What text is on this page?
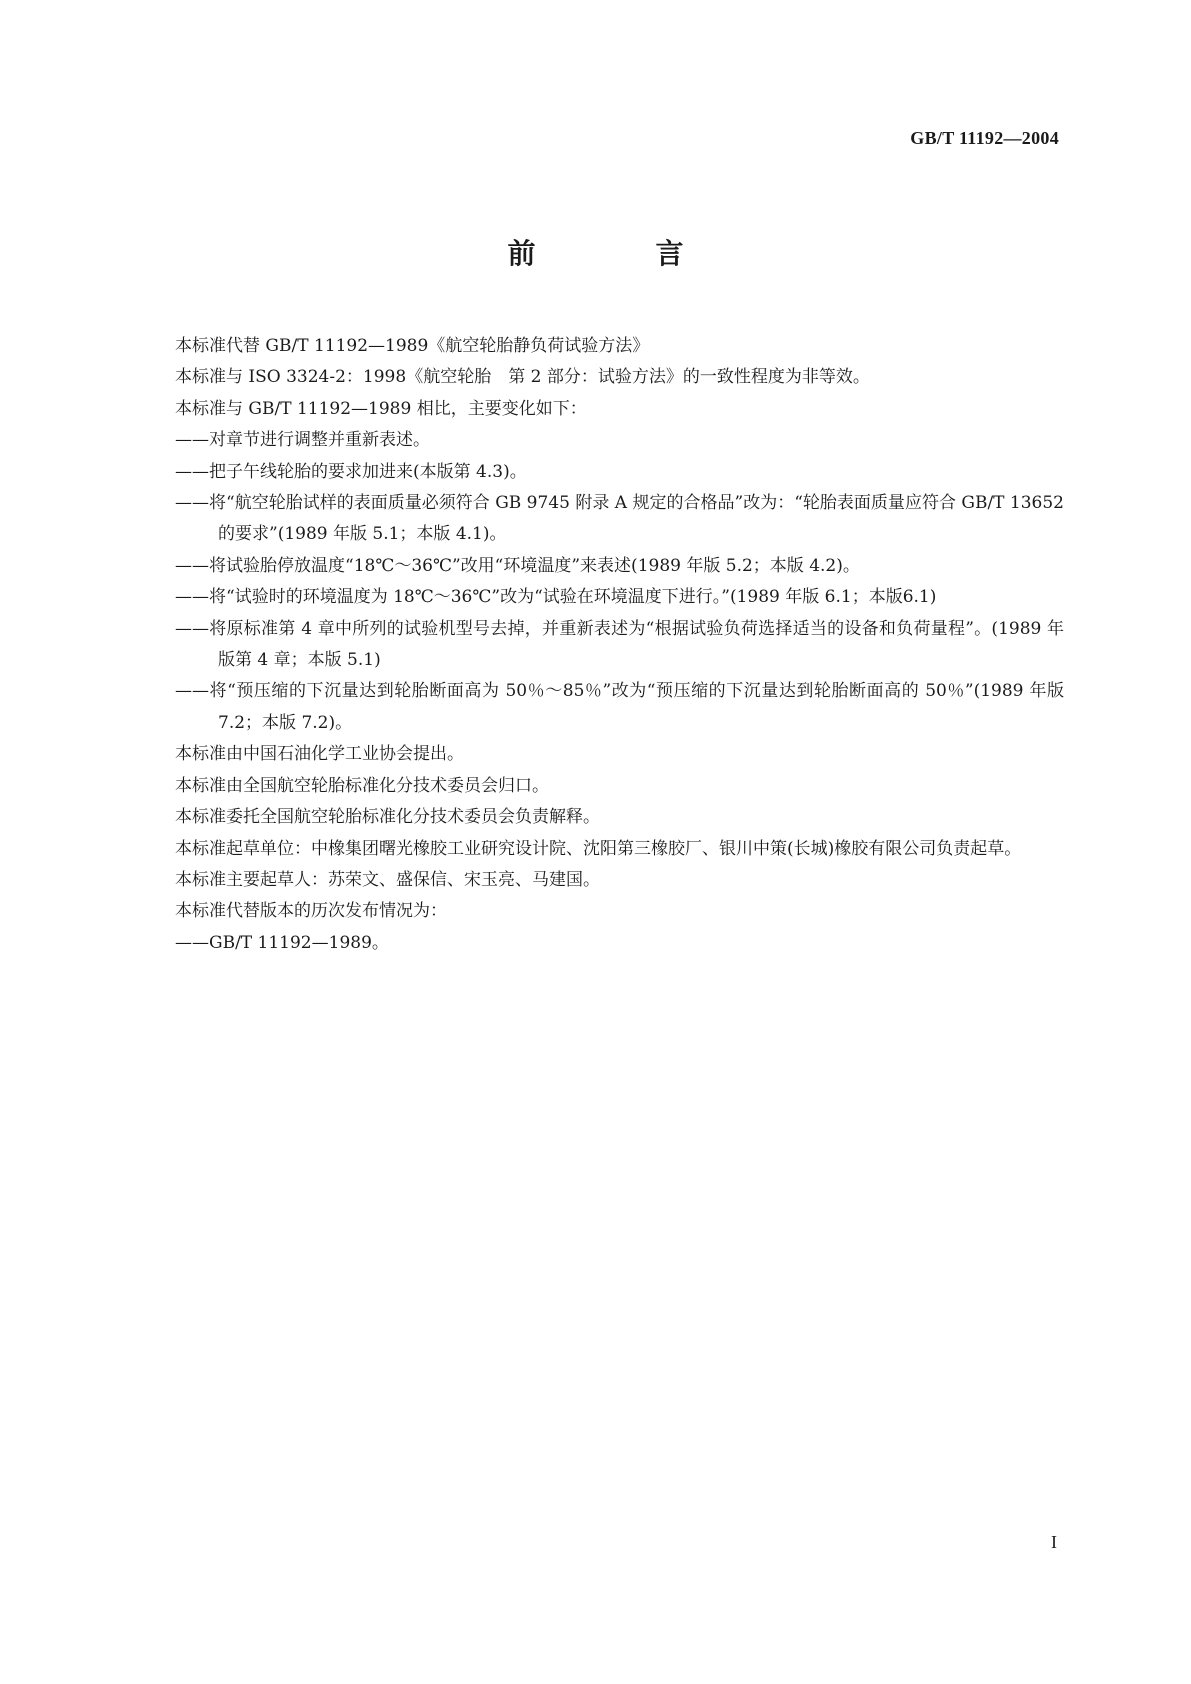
GB/T 11192—2004
前　言

本标准代替 GB/T 11192—1989《航空轮胎静负荷试验方法》

本标准与 ISO 3324-2：1998《航空轮胎　第 2 部分：试验方法》的一致性程度为非等效。

本标准与 GB/T 11192—1989 相比，主要变化如下：

——对章节进行调整并重新表述。

——把子午线轮胎的要求加进来(本版第 4.3)。

——将“航空轮胎试样的表面质量必须符合 GB 9745 附录 A 规定的合格品”改为：“轮胎表面质量应符合 GB/T 13652 的要求”(1989 年版 5.1；本版 4.1)。

——将试验胎停放温度“18℃～36℃”改用“环境温度”来表述(1989 年版 5.2；本版 4.2)。

——将“试验时的环境温度为 18℃～36℃”改为“试验在环境温度下进行。”(1989 年版 6.1；本版6.1)

——将原标准第 4 章中所列的试验机型号去掉，并重新表述为“根据试验负荷选择适当的设备和负荷量程”。(1989 年版第 4 章；本版 5.1)

——将“预压缩的下沉量达到轮胎断面高为 50％～85％”改为“预压缩的下沉量达到轮胎断面高的 50％”(1989 年版 7.2；本版 7.2)。

本标准由中国石油化学工业协会提出。

本标准由全国航空轮胎标准化分技术委员会归口。

本标准委托全国航空轮胎标准化分技术委员会负责解释。

本标准起草单位：中橡集团曙光橡胶工业研究设计院、沈阳第三橡胶厂、银川中策(长城)橡胶有限公司负责起草。

本标准主要起草人：苏荣文、盛保信、宋玉亮、马建国。

本标准代替版本的历次发布情况为：

——GB/T 11192—1989。

I
